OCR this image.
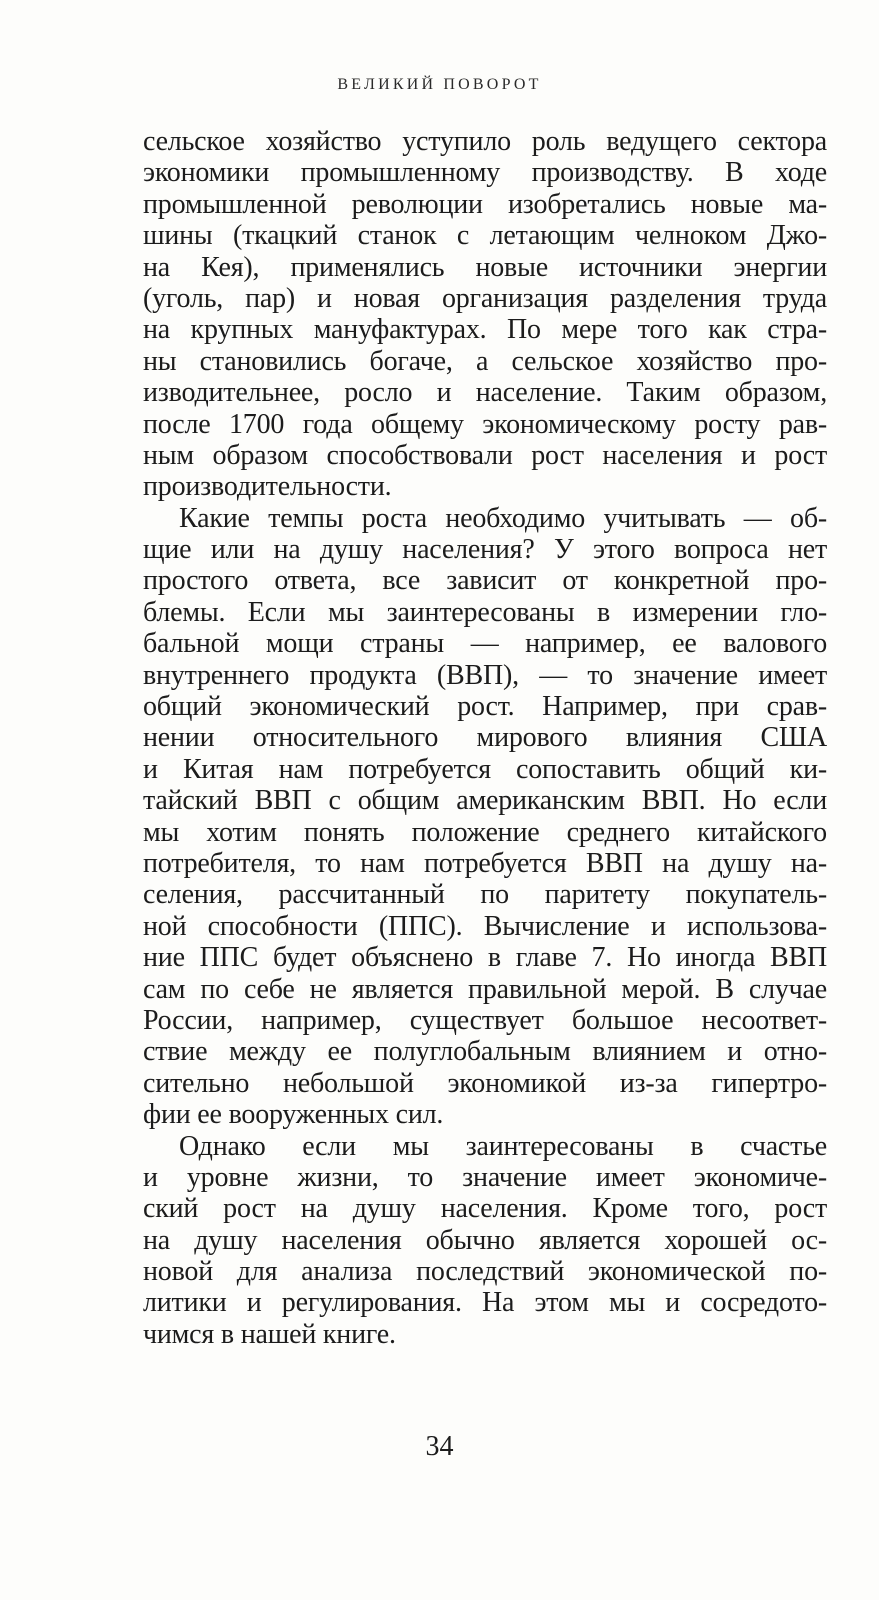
ВЕЛИКИЙ ПОВОРОТ
сельское хозяйство уступило роль ведущего сектора
экономики промышленному производству. В ходе
промышленной революции изобретались новые ма-
шины (ткацкий станок с летающим челноком Джо-
на Кея), применялись новые источники энергии
(уголь, пар) и новая организация разделения труда
на крупных мануфактурах. По мере того как стра-
ны становились богаче, а сельское хозяйство про-
изводительнее, росло и население. Таким образом,
после 1700 года общему экономическому росту рав-
ным образом способствовали рост населения и рост
производительности.
Какие темпы роста необходимо учитывать — об-
щие или на душу населения? У этого вопроса нет
простого ответа, все зависит от конкретной про-
блемы. Если мы заинтересованы в измерении гло-
бальной мощи страны — например, ее валового
внутреннего продукта (ВВП), — то значение имеет
общий экономический рост. Например, при срав-
нении относительного мирового влияния США
и Китая нам потребуется сопоставить общий ки-
тайский ВВП с общим американским ВВП. Но если
мы хотим понять положение среднего китайского
потребителя, то нам потребуется ВВП на душу на-
селения, рассчитанный по паритету покупатель-
ной способности (ППС). Вычисление и использова-
ние ППС будет объяснено в главе 7. Но иногда ВВП
сам по себе не является правильной мерой. В случае
России, например, существует большое несоответ-
ствие между ее полуглобальным влиянием и отно-
сительно небольшой экономикой из-за гипертро-
фии ее вооруженных сил.
Однако если мы заинтересованы в счастье
и уровне жизни, то значение имеет экономиче-
ский рост на душу населения. Кроме того, рост
на душу населения обычно является хорошей ос-
новой для анализа последствий экономической по-
литики и регулирования. На этом мы и сосредото-
чимся в нашей книге.
34
